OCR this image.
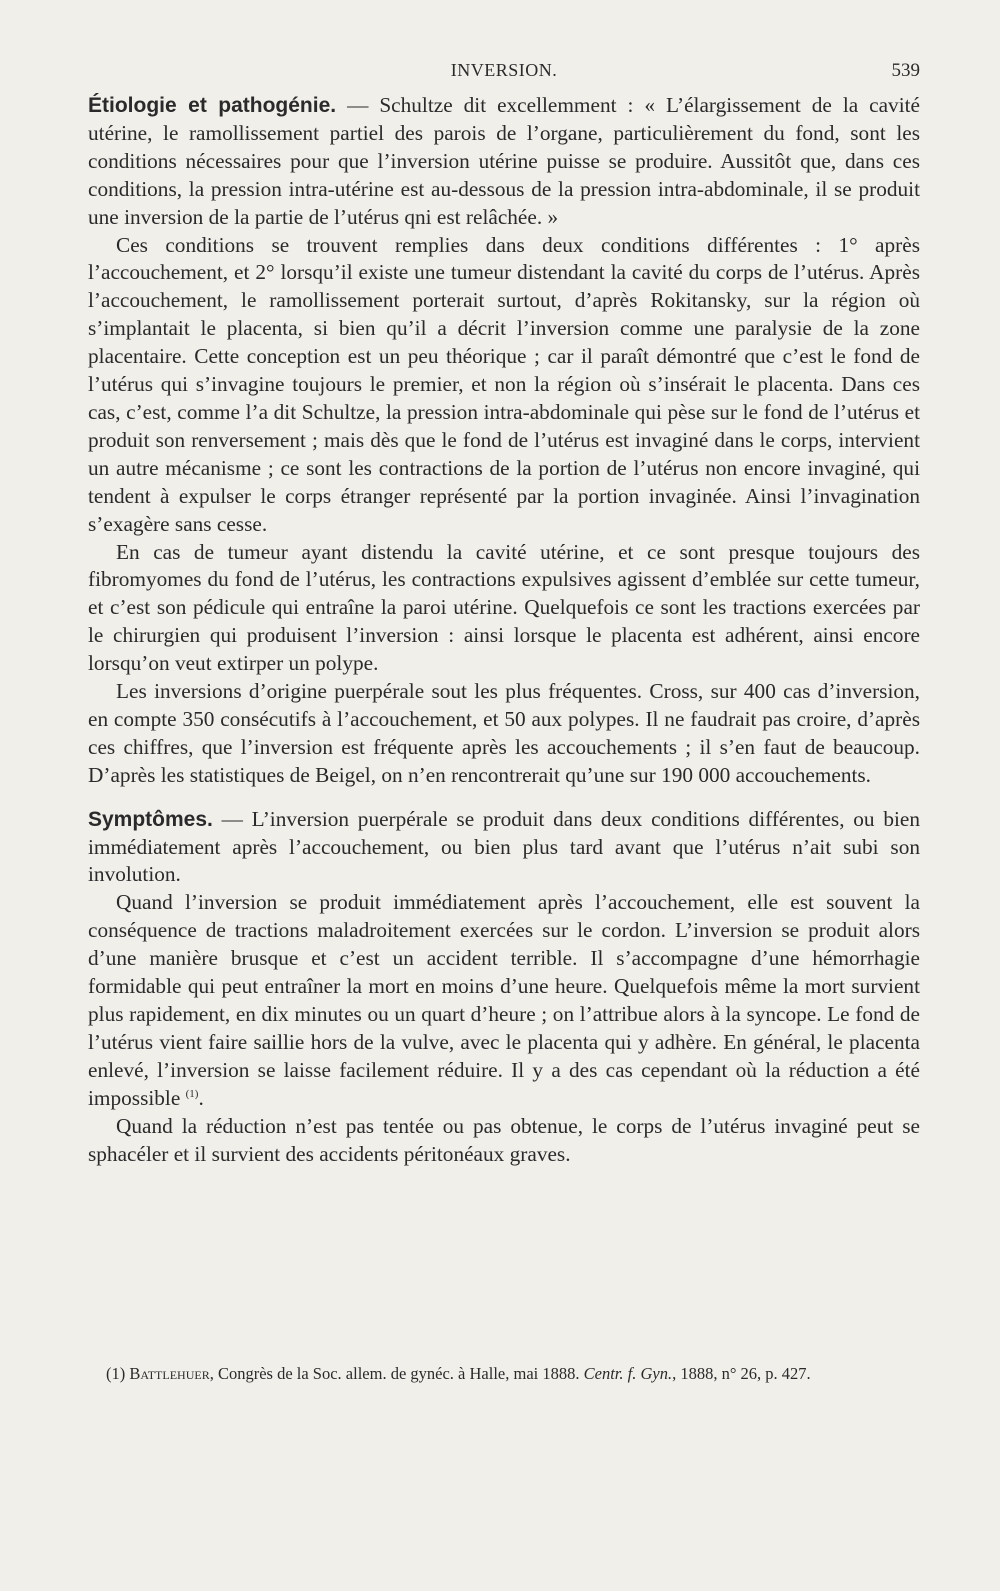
INVERSION.	539

Étiologie et pathogénie. — Schultze dit excellemment : « L’élargissement de la cavité utérine, le ramollissement partiel des parois de l’organe, particulièrement du fond, sont les conditions nécessaires pour que l’inversion utérine puisse se produire. Aussitôt que, dans ces conditions, la pression intra-utérine est au-dessous de la pression intra-abdominale, il se produit une inversion de la partie de l’utérus qni est relâchée. »

Ces conditions se trouvent remplies dans deux conditions différentes : 1° après l’accouchement, et 2° lorsqu’il existe une tumeur distendant la cavité du corps de l’utérus. Après l’accouchement, le ramollissement porterait surtout, d’après Rokitansky, sur la région où s’implantait le placenta, si bien qu’il a décrit l’inversion comme une paralysie de la zone placentaire. Cette conception est un peu théorique ; car il paraît démontré que c’est le fond de l’utérus qui s’invagine toujours le premier, et non la région où s’insérait le placenta. Dans ces cas, c’est, comme l’a dit Schultze, la pression intra-abdominale qui pèse sur le fond de l’utérus et produit son renversement ; mais dès que le fond de l’utérus est invaginé dans le corps, intervient un autre mécanisme ; ce sont les contractions de la portion de l’utérus non encore invaginé, qui tendent à expulser le corps étranger représenté par la portion invaginée. Ainsi l’invagination s’exagère sans cesse.

En cas de tumeur ayant distendu la cavité utérine, et ce sont presque toujours des fibromyomes du fond de l’utérus, les contractions expulsives agissent d’emblée sur cette tumeur, et c’est son pédicule qui entraîne la paroi utérine. Quelquefois ce sont les tractions exercées par le chirurgien qui produisent l’inversion : ainsi lorsque le placenta est adhérent, ainsi encore lorsqu’on veut extirper un polype.

Les inversions d’origine puerpérale sout les plus fréquentes. Cross, sur 400 cas d’inversion, en compte 350 consécutifs à l’accouchement, et 50 aux polypes. Il ne faudrait pas croire, d’après ces chiffres, que l’inversion est fréquente après les accouchements ; il s’en faut de beaucoup. D’après les statistiques de Beigel, on n’en rencontrerait qu’une sur 190 000 accouchements.

Symptômes. — L’inversion puerpérale se produit dans deux conditions différentes, ou bien immédiatement après l’accouchement, ou bien plus tard avant que l’utérus n’ait subi son involution.

Quand l’inversion se produit immédiatement après l’accouchement, elle est souvent la conséquence de tractions maladroitement exercées sur le cordon. L’inversion se produit alors d’une manière brusque et c’est un accident terrible. Il s’accompagne d’une hémorrhagie formidable qui peut entraîner la mort en moins d’une heure. Quelquefois même la mort survient plus rapidement, en dix minutes ou un quart d’heure ; on l’attribue alors à la syncope. Le fond de l’utérus vient faire saillie hors de la vulve, avec le placenta qui y adhère. En général, le placenta enlevé, l’inversion se laisse facilement réduire. Il y a des cas cependant où la réduction a été impossible $^{(1)}$.

Quand la réduction n’est pas tentée ou pas obtenue, le corps de l’utérus invaginé peut se sphacéler et il survient des accidents péritonéaux graves.

(1) Battlehuer, Congrès de la Soc. allem. de gynéc. à Halle, mai 1888. Centr. f. Gyn., 1888, n° 26, p. 427.
